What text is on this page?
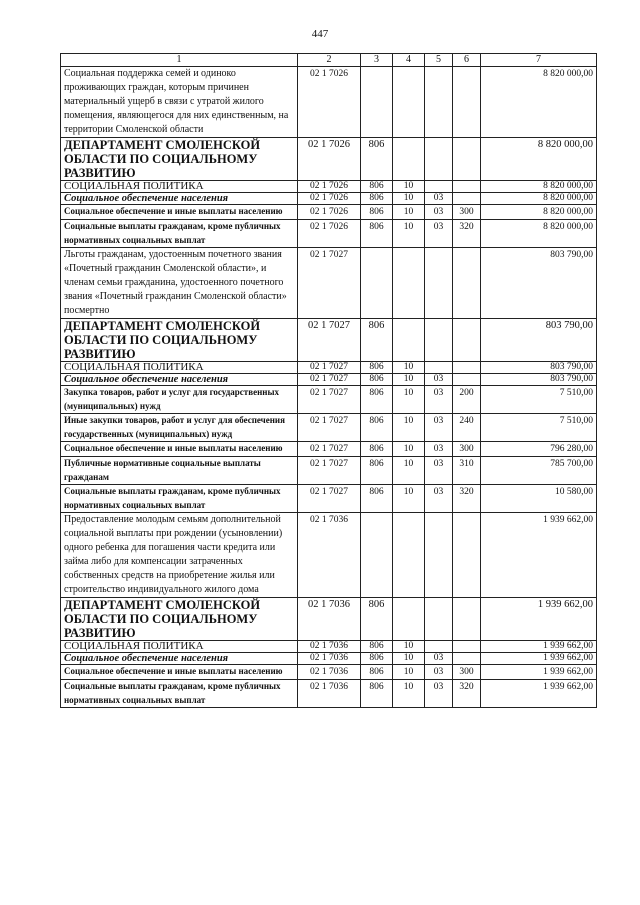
447
1	2	3	4	5	6	7
Социальная поддержка семей и одиноко проживающих граждан, которым причинен материальный ущерб в связи с утратой жилого помещения, являющегося для них единственным, на территории Смоленской области	02 1 7026					8 820 000,00
ДЕПАРТАМЕНТ СМОЛЕНСКОЙ ОБЛАСТИ ПО СОЦИАЛЬНОМУ РАЗВИТИЮ	02 1 7026	806				8 820 000,00
СОЦИАЛЬНАЯ ПОЛИТИКА	02 1 7026	806	10			8 820 000,00
Социальное обеспечение населения	02 1 7026	806	10	03		8 820 000,00
Социальное обеспечение и иные выплаты населению	02 1 7026	806	10	03	300	8 820 000,00
Социальные выплаты гражданам, кроме публичных нормативных социальных выплат	02 1 7026	806	10	03	320	8 820 000,00
Льготы гражданам, удостоенным почетного звания «Почетный гражданин Смоленской области», и членам семьи гражданина, удостоенного почетного звания «Почетный гражданин Смоленской области» посмертно	02 1 7027					803 790,00
ДЕПАРТАМЕНТ СМОЛЕНСКОЙ ОБЛАСТИ ПО СОЦИАЛЬНОМУ РАЗВИТИЮ	02 1 7027	806				803 790,00
СОЦИАЛЬНАЯ ПОЛИТИКА	02 1 7027	806	10			803 790,00
Социальное обеспечение населения	02 1 7027	806	10	03		803 790,00
Закупка товаров, работ и услуг для государственных (муниципальных) нужд	02 1 7027	806	10	03	200	7 510,00
Иные закупки товаров, работ и услуг для обеспечения государственных (муниципальных) нужд	02 1 7027	806	10	03	240	7 510,00
Социальное обеспечение и иные выплаты населению	02 1 7027	806	10	03	300	796 280,00
Публичные нормативные социальные выплаты гражданам	02 1 7027	806	10	03	310	785 700,00
Социальные выплаты гражданам, кроме публичных нормативных социальных выплат	02 1 7027	806	10	03	320	10 580,00
Предоставление молодым семьям дополнительной социальной выплаты при рождении (усыновлении) одного ребенка для погашения части кредита или займа либо для компенсации затраченных собственных средств на приобретение жилья или строительство индивидуального жилого дома	02 1 7036					1 939 662,00
ДЕПАРТАМЕНТ СМОЛЕНСКОЙ ОБЛАСТИ ПО СОЦИАЛЬНОМУ РАЗВИТИЮ	02 1 7036	806				1 939 662,00
СОЦИАЛЬНАЯ ПОЛИТИКА	02 1 7036	806	10			1 939 662,00
Социальное обеспечение населения	02 1 7036	806	10	03		1 939 662,00
Социальное обеспечение и иные выплаты населению	02 1 7036	806	10	03	300	1 939 662,00
Социальные выплаты гражданам, кроме публичных нормативных социальных выплат	02 1 7036	806	10	03	320	1 939 662,00
